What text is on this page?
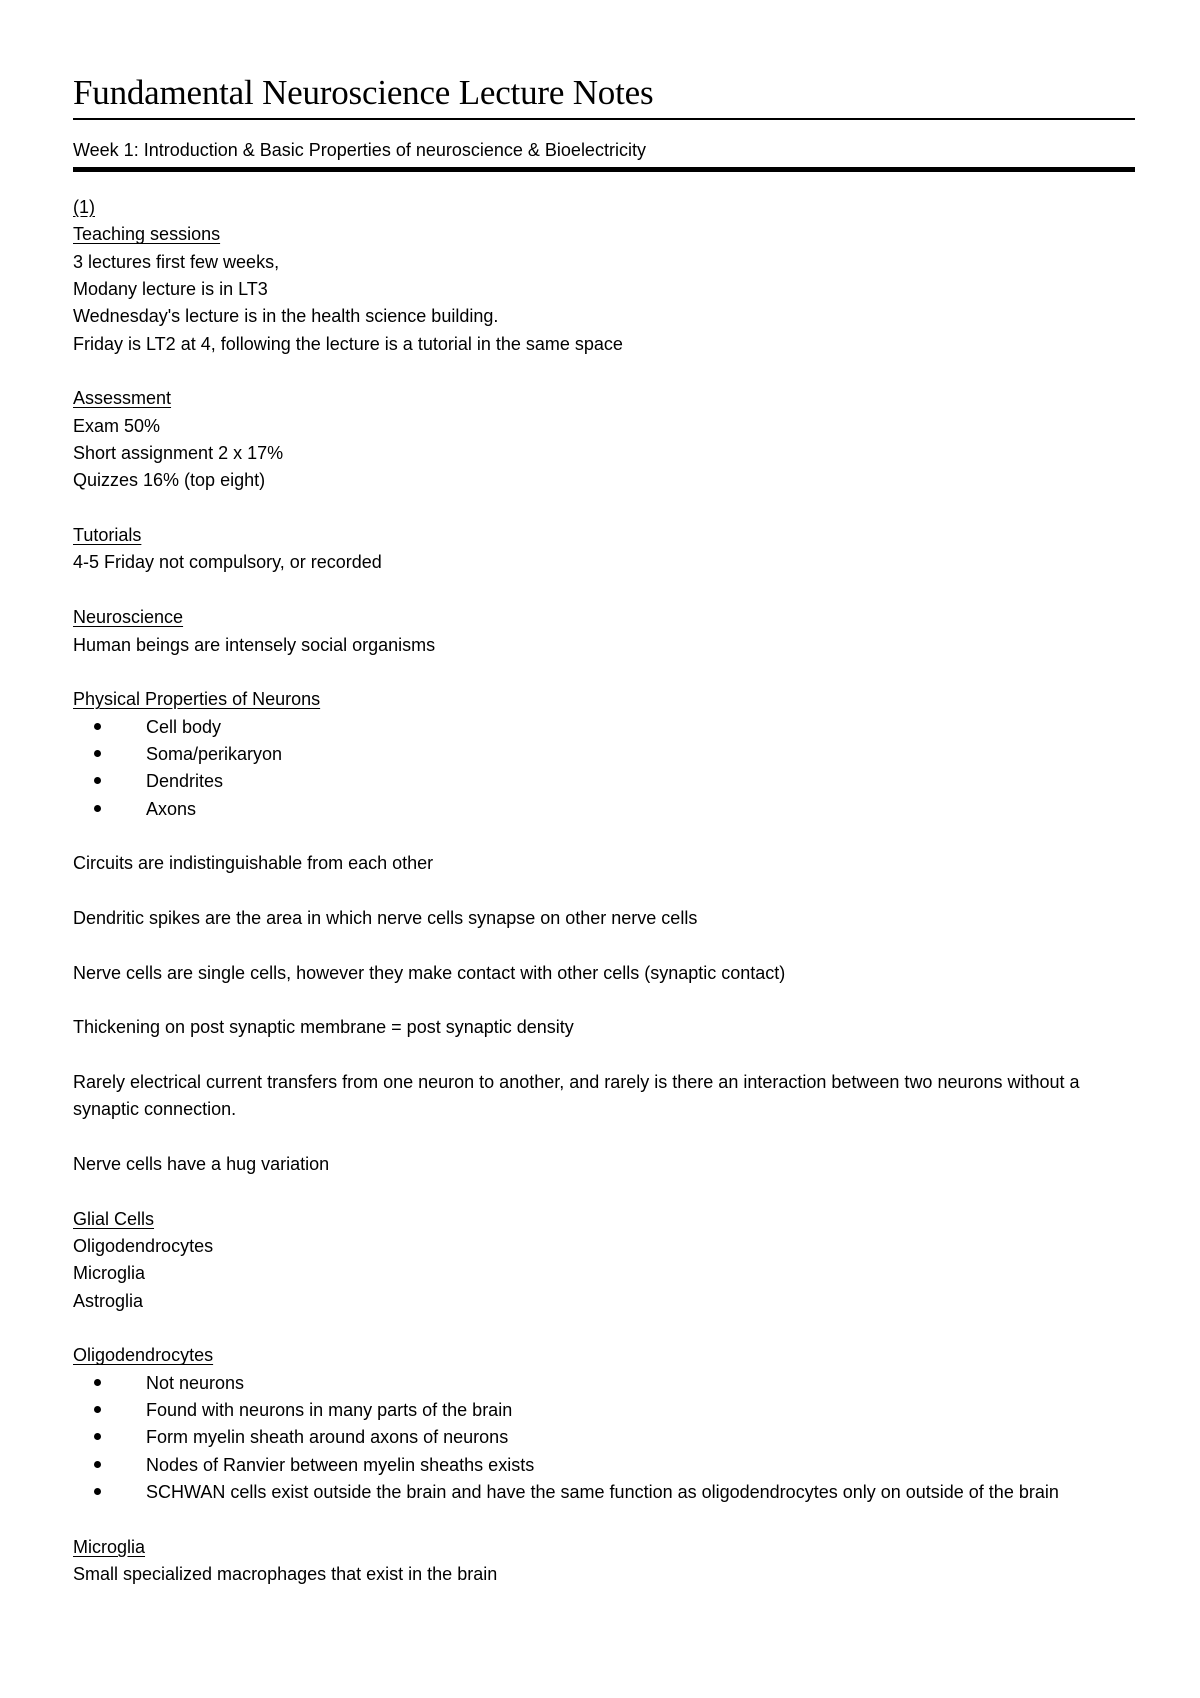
Fundamental Neuroscience Lecture Notes
Week 1: Introduction & Basic Properties of neuroscience & Bioelectricity
(1)
Teaching sessions
3 lectures first few weeks,
Modany lecture is in LT3
Wednesday's lecture is in the health science building.
Friday is LT2 at 4, following the lecture is a tutorial in the same space
Assessment
Exam 50%
Short assignment 2 x 17%
Quizzes 16% (top eight)
Tutorials
4-5 Friday not compulsory, or recorded
Neuroscience
Human beings are intensely social organisms
Physical Properties of Neurons
Cell body
Soma/perikaryon
Dendrites
Axons
Circuits are indistinguishable from each other
Dendritic spikes are the area in which nerve cells synapse on other nerve cells
Nerve cells are single cells, however they make contact with other cells (synaptic contact)
Thickening on post synaptic membrane = post synaptic density
Rarely electrical current transfers from one neuron to another, and rarely is there an interaction between two neurons without a synaptic connection.
Nerve cells have a hug variation
Glial Cells
Oligodendrocytes
Microglia
Astroglia
Oligodendrocytes
Not neurons
Found with neurons in many parts of the brain
Form myelin sheath around axons of neurons
Nodes of Ranvier between myelin sheaths exists
SCHWAN cells exist outside the brain and have the same function as oligodendrocytes only on outside of the brain
Microglia
Small specialized macrophages that exist in the brain
